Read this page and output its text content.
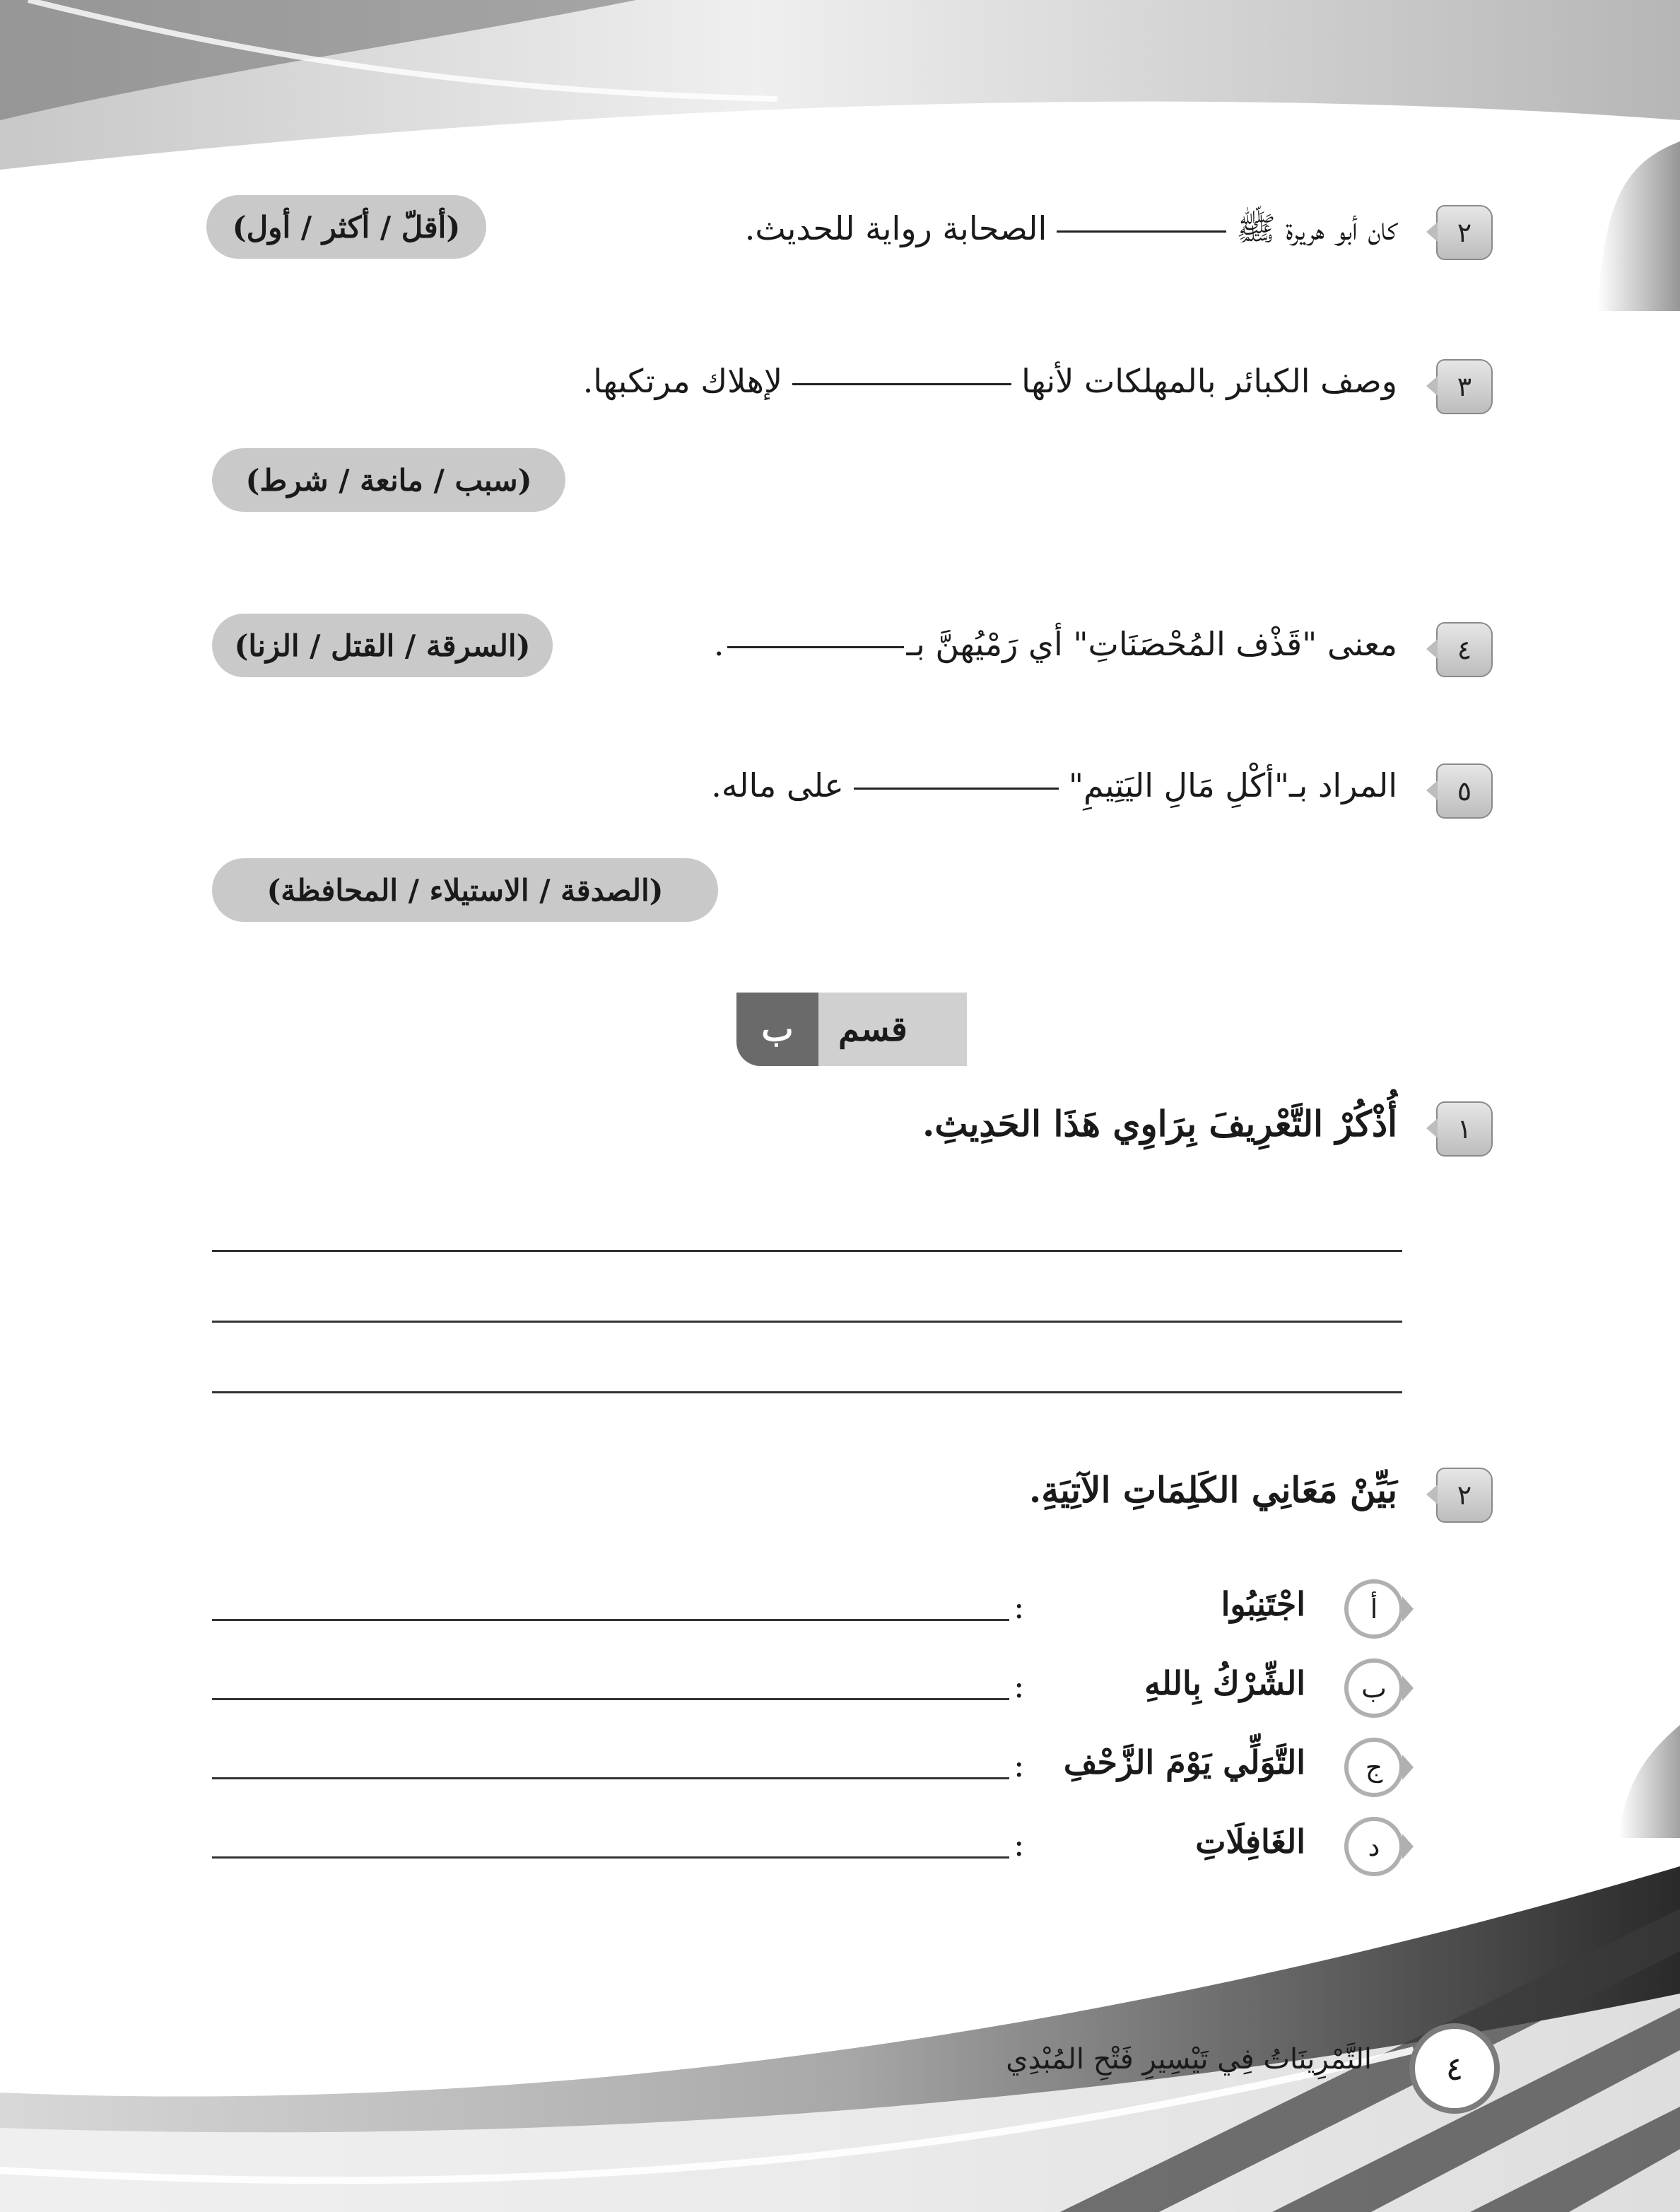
٢
كان أبو هريرة ﷺالصحابة رواية للحديث.
(أقلّ / أكثر / أول)
٣
وصف الكبائر بالمهلكات لأنهالإهلاك مرتكبها.
(سبب / مانعة / شرط)
٤
معنى "قَذْف المُحْصَنَاتِ" أي رَمْيُهنَّ بـ.
(السرقة / القتل / الزنا)
٥
المراد بـ"أكْلِ مَالِ اليَتِيمِ"على ماله.
(الصدقة / الاستيلاء / المحافظة)
قسم
ب
١
أُذْكُرْ التَّعْرِيفَ بِرَاوِي هَذَا الحَدِيثِ.
٢
بَيِّنْ مَعَانِي الكَلِمَاتِ الآتِيَةِ.
أ
اجْتَنِبُوا
:
ب
الشِّرْكُ بِاللهِ
:
ج
التَّوَلِّي يَوْمَ الزَّحْفِ
:
د
الغَافِلَاتِ
:
التَّمْرِينَاتُ فِي تَيْسِيرِ فَتْحِ المُبْدِي ٤
